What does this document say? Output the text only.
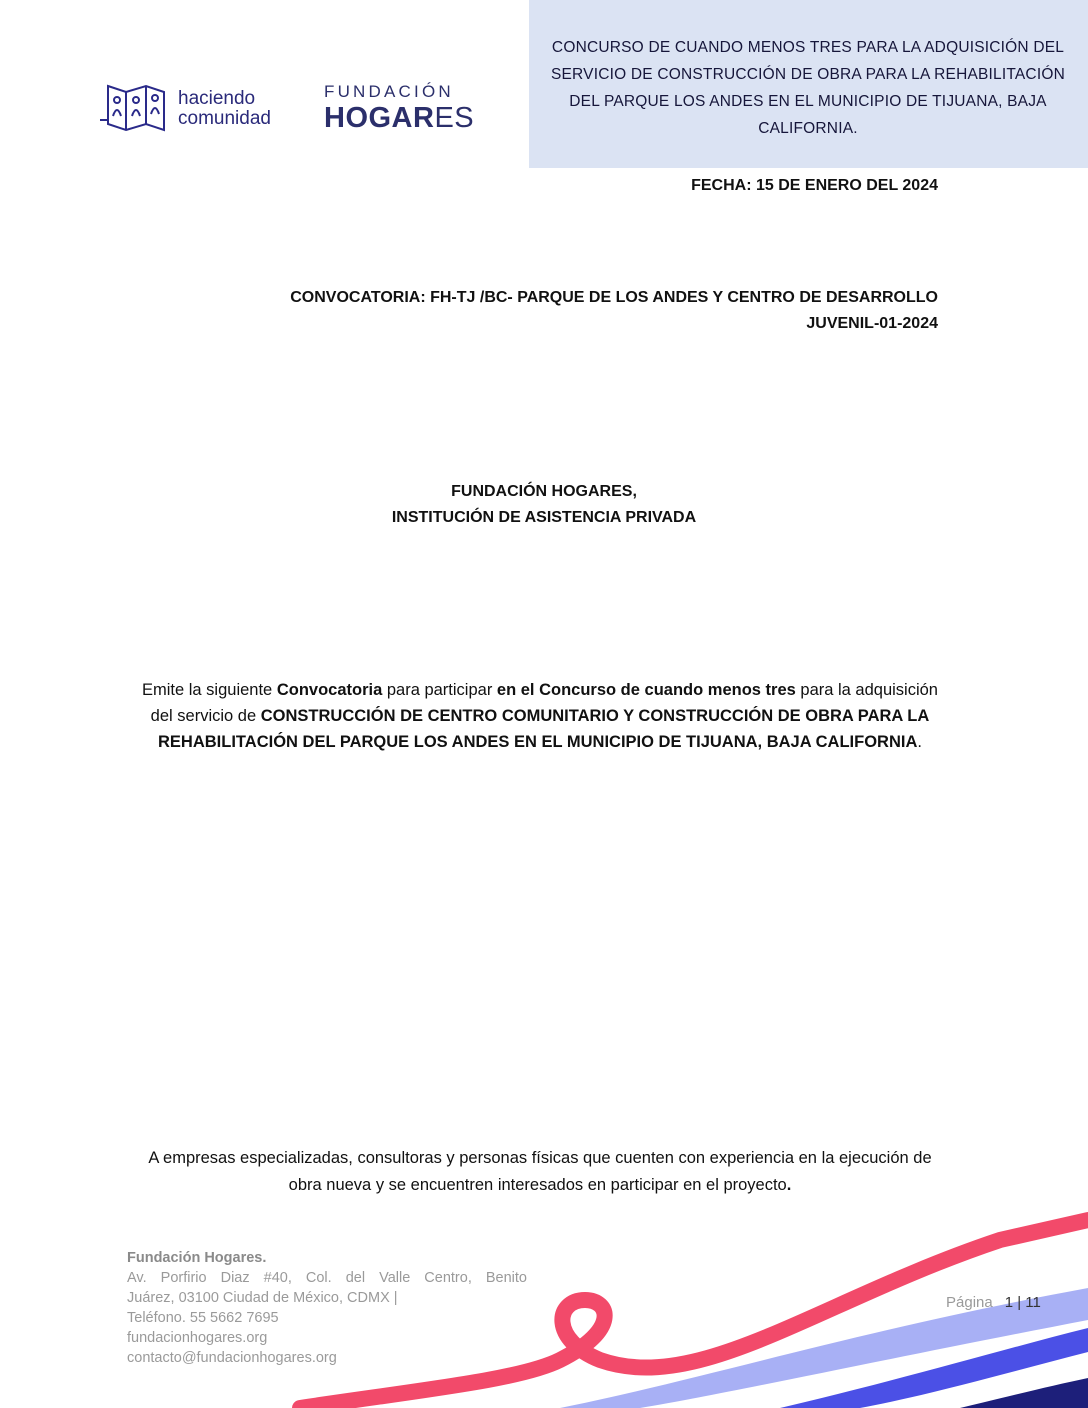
CONCURSO DE CUANDO MENOS TRES PARA LA ADQUISICIÓN DEL SERVICIO DE CONSTRUCCIÓN DE OBRA PARA LA REHABILITACIÓN DEL PARQUE LOS ANDES EN EL MUNICIPIO DE TIJUANA, BAJA CALIFORNIA.
haciendo
comunidad
FUNDACIÓN
HOGARES
FECHA: 15 DE ENERO DEL 2024
CONVOCATORIA: FH-TJ /BC- PARQUE DE LOS ANDES Y CENTRO DE DESARROLLO
JUVENIL-01-2024
FUNDACIÓN HOGARES,
INSTITUCIÓN DE ASISTENCIA PRIVADA
Emite la siguiente Convocatoria para participar en el Concurso de cuando menos tres para la adquisición del servicio de CONSTRUCCIÓN DE CENTRO COMUNITARIO Y CONSTRUCCIÓN DE OBRA PARA LA REHABILITACIÓN DEL PARQUE LOS ANDES EN EL MUNICIPIO DE TIJUANA, BAJA CALIFORNIA.
A empresas especializadas, consultoras y personas físicas que cuenten con experiencia en la ejecución de obra nueva y se encuentren interesados en participar en el proyecto.
Fundación Hogares.
Av. Porfirio Diaz #40, Col. del Valle Centro, Benito
Juárez, 03100 Ciudad de México, CDMX |
Teléfono. 55 5662 7695
fundacionhogares.org
contacto@fundacionhogares.org
Página 1 | 11
